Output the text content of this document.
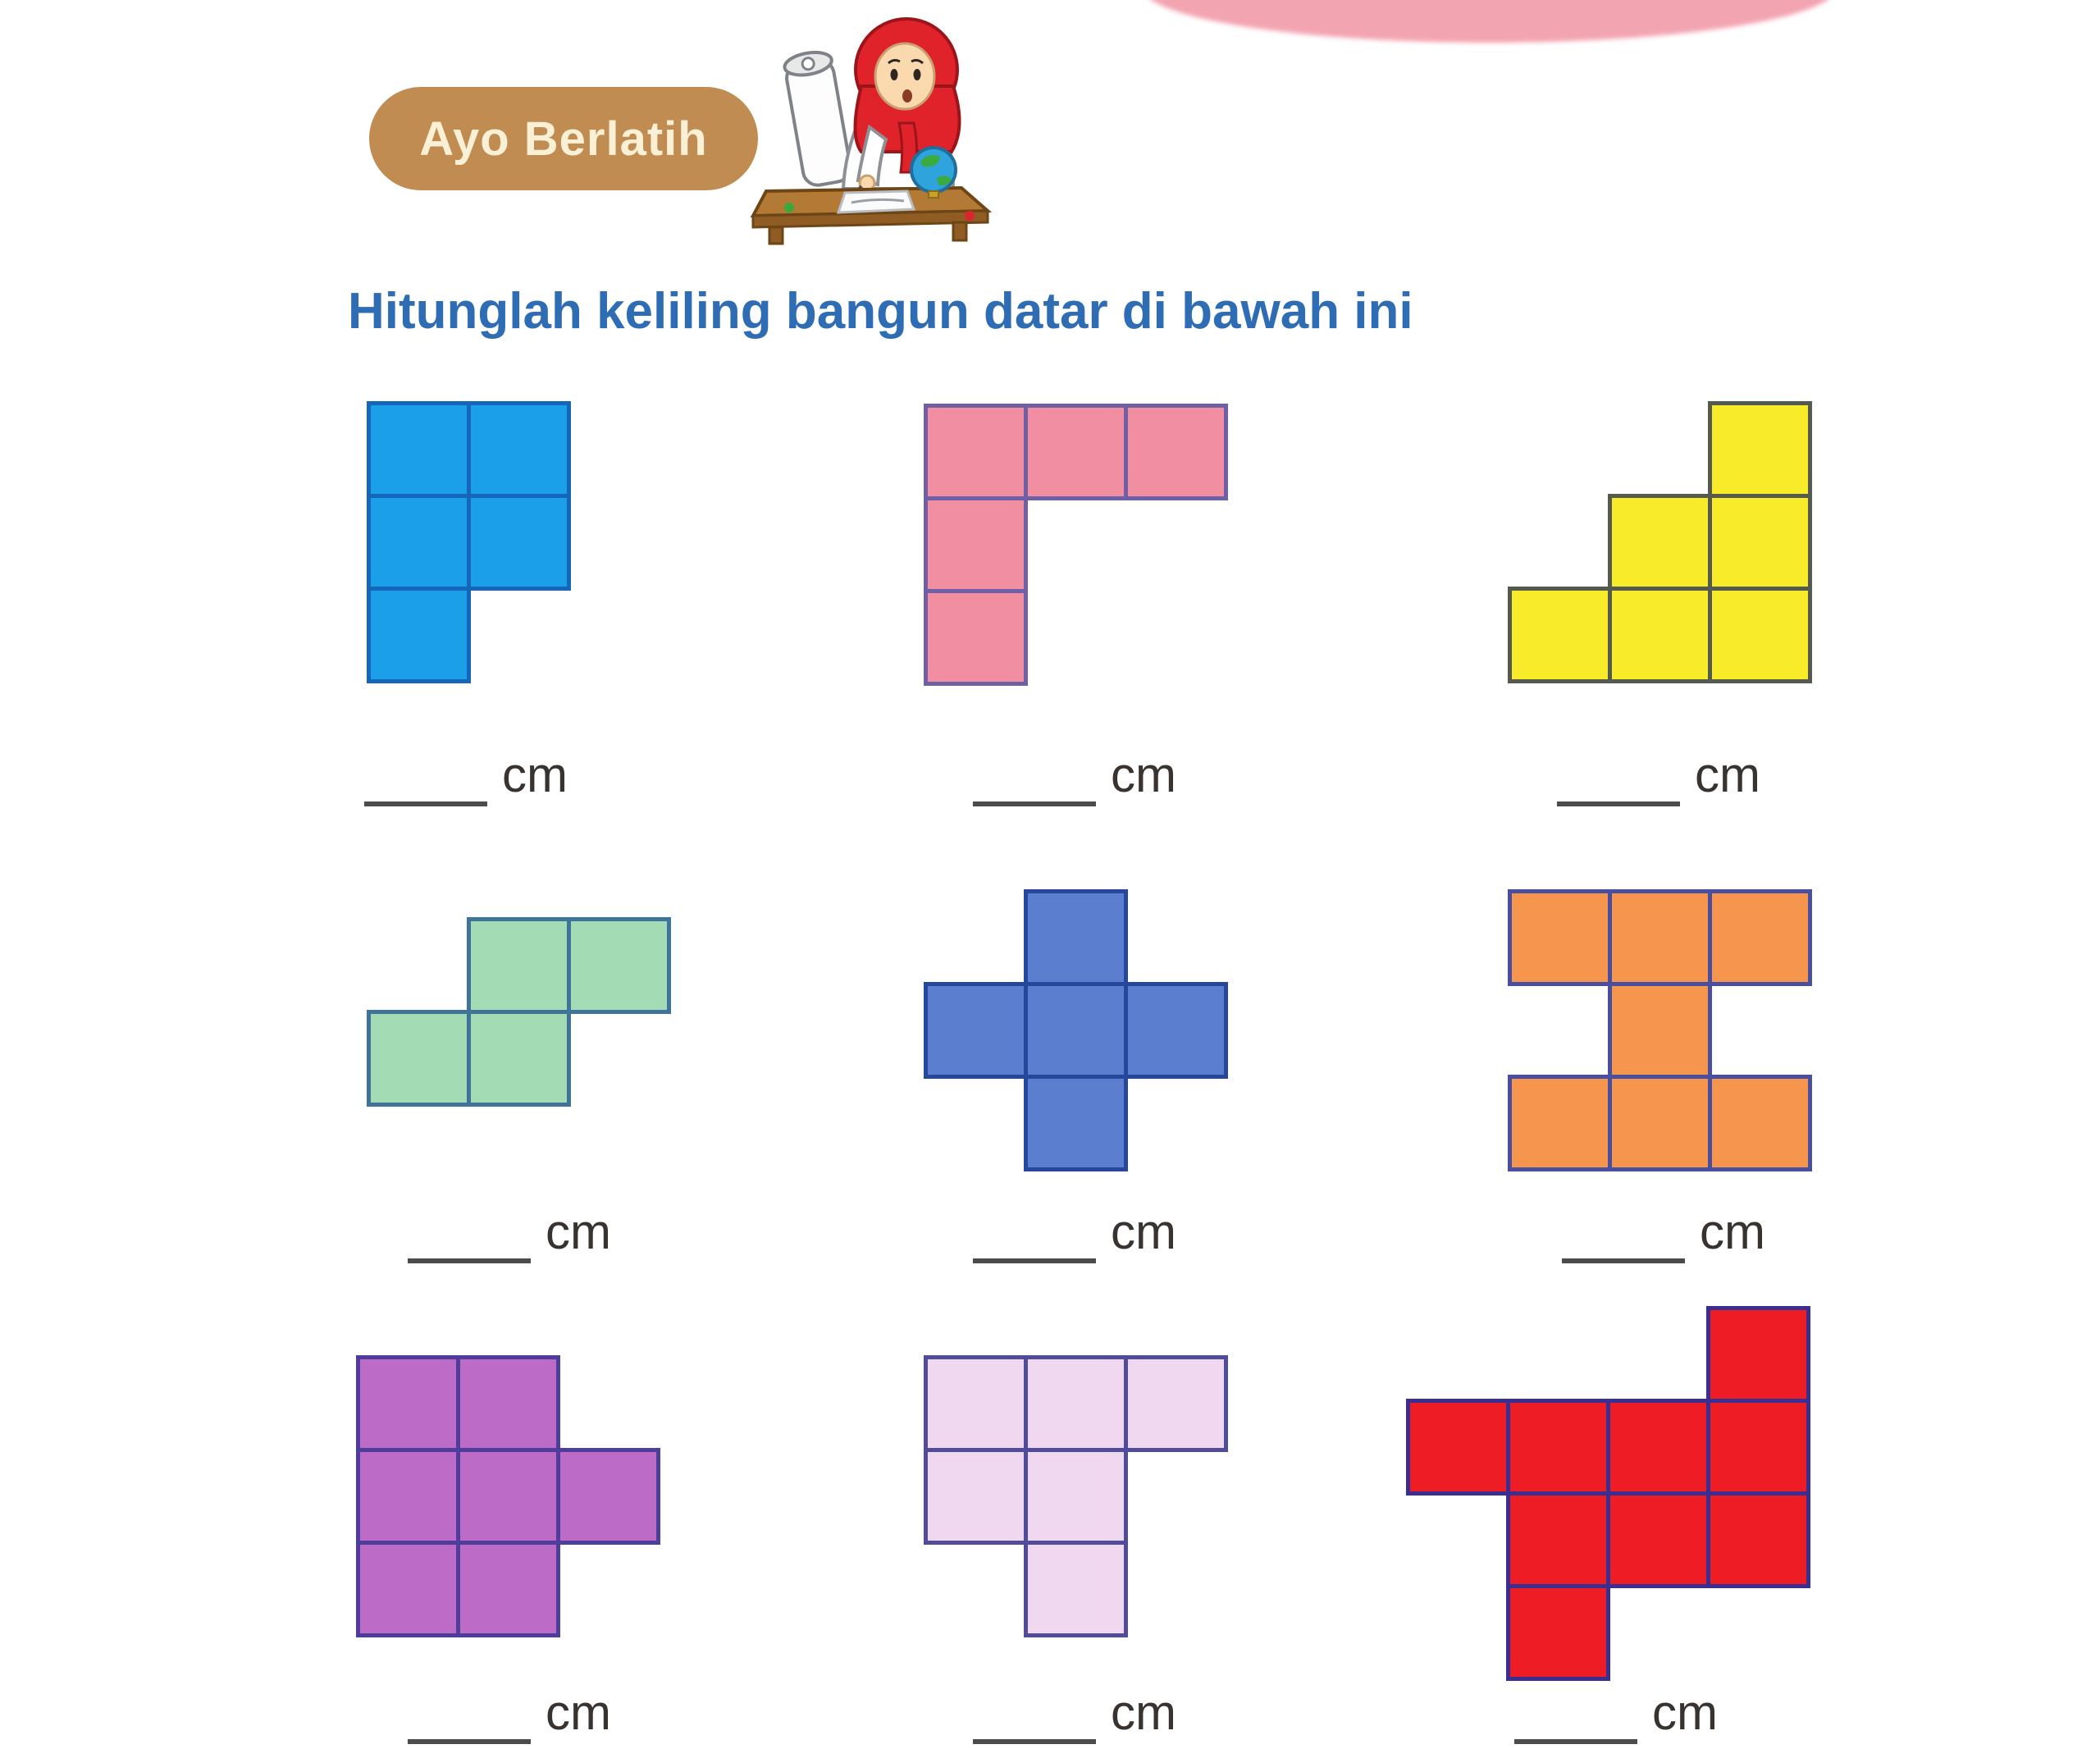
Ayo Berlatih
Hitunglah keliling bangun datar di bawah ini
cm	cm	cm
cm	cm	cm
cm	cm	cm
